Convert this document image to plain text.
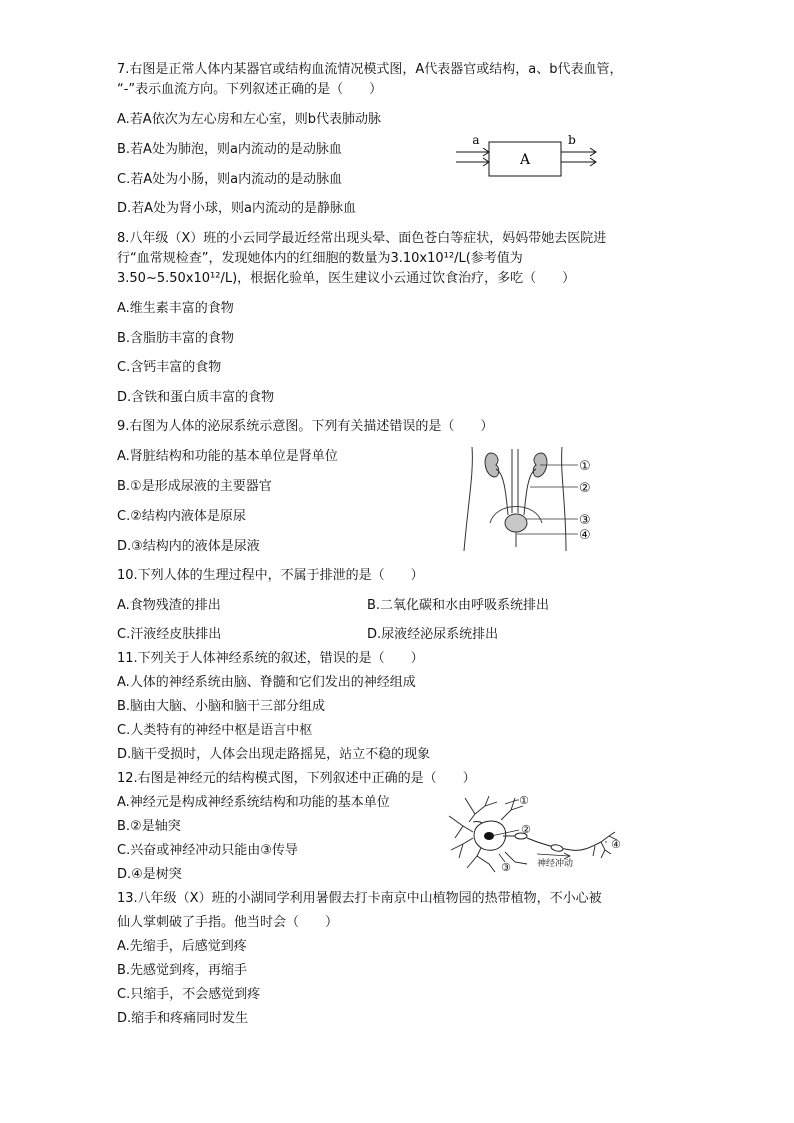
7.右图是正常人体内某器官或结构血流情况模式图，A代表器官或结构，a、b代表血管，
“-”表示血流方向。下列叙述正确的是（　　）
A.若A依次为左心房和左心室，则b代表肺动脉
B.若A处为肺泡，则a内流动的是动脉血
C.若A处为小肠，则a内流动的是动脉血
D.若A处为肾小球，则a内流动的是静脉血
A
a	b
8.八年级（X）班的小云同学最近经常出现头晕、面色苍白等症状，妈妈带她去医院进
行“血常规检查”，发现她体内的红细胞的数量为3.10x10¹²/L(参考值为
3.50~5.50x10¹²/L)，根据化验单，医生建议小云通过饮食治疗，多吃（　　）
A.维生素丰富的食物
B.含脂肪丰富的食物
C.含钙丰富的食物
D.含铁和蛋白质丰富的食物
9.右图为人体的泌尿系统示意图。下列有关描述错误的是（　　）
A.肾脏结构和功能的基本单位是肾单位
B.①是形成尿液的主要器官
C.②结构内液体是原尿
D.③结构内的液体是尿液
①
②
③
④
10.下列人体的生理过程中，不属于排泄的是（　　）
A.食物残渣的排出	B.二氧化碳和水由呼吸系统排出
C.汗液经皮肤排出	D.尿液经泌尿系统排出
11.下列关于人体神经系统的叙述，错误的是（　　）
A.人体的神经系统由脑、脊髓和它们发出的神经组成
B.脑由大脑、小脑和脑干三部分组成
C.人类特有的神经中枢是语言中枢
D.脑干受损时，人体会出现走路摇晃，站立不稳的现象
12.右图是神经元的结构模式图，下列叙述中正确的是（　　）
A.神经元是构成神经系统结构和功能的基本单位
B.②是轴突
C.兴奋或神经冲动只能由③传导
D.④是树突
①
②
③
④
神经冲动
13.八年级（X）班的小湖同学利用暑假去打卡南京中山植物园的热带植物，不小心被
仙人掌刺破了手指。他当时会（　　）
A.先缩手，后感觉到疼
B.先感觉到疼，再缩手
C.只缩手，不会感觉到疼
D.缩手和疼痛同时发生
